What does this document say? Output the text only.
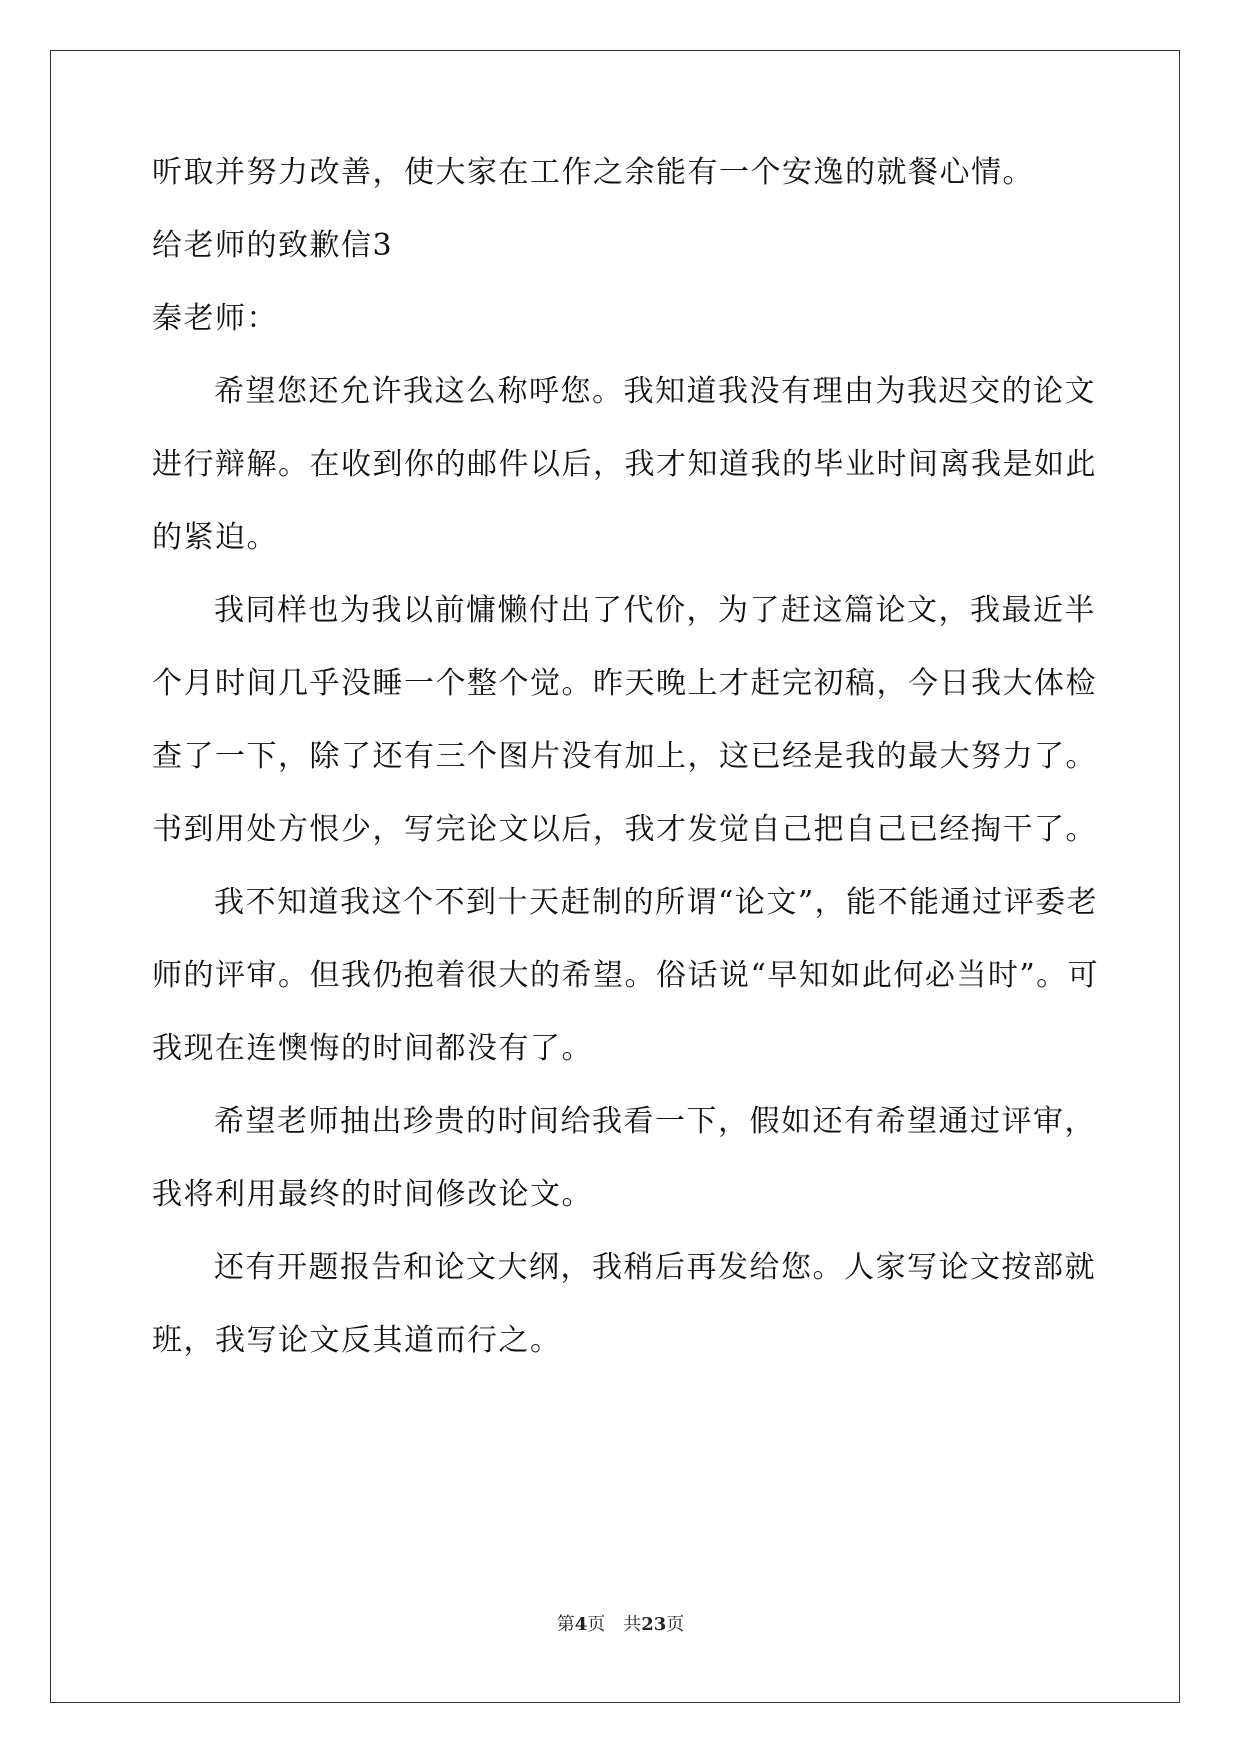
听取并努力改善，使大家在工作之余能有一个安逸的就餐心情。
给老师的致歉信3
秦老师：
希望您还允许我这么称呼您。我知道我没有理由为我迟交的论文
进行辩解。在收到你的邮件以后，我才知道我的毕业时间离我是如此
的紧迫。
我同样也为我以前慵懒付出了代价，为了赶这篇论文，我最近半
个月时间几乎没睡一个整个觉。昨天晚上才赶完初稿，今日我大体检
查了一下，除了还有三个图片没有加上，这已经是我的最大努力了。
书到用处方恨少，写完论文以后，我才发觉自己把自己已经掏干了。
我不知道我这个不到十天赶制的所谓“论文”，能不能通过评委老
师的评审。但我仍抱着很大的希望。俗话说“早知如此何必当时”。可
我现在连懊悔的时间都没有了。
希望老师抽出珍贵的时间给我看一下，假如还有希望通过评审，
我将利用最终的时间修改论文。
还有开题报告和论文大纲，我稍后再发给您。人家写论文按部就
班，我写论文反其道而行之。
第4页　共23页
